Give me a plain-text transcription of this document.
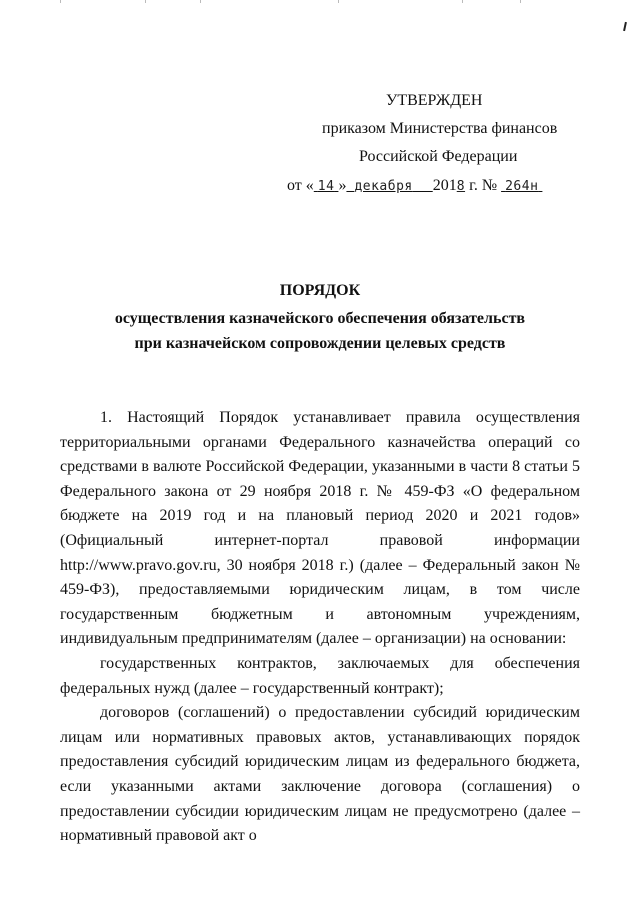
УТВЕРЖДЕН
приказом Министерства финансов
Российской Федерации
от « 14 » декабря 2018 г. № 264н
ПОРЯДОК
осуществления казначейского обеспечения обязательств
при казначейском сопровождении целевых средств

1. Настоящий Порядок устанавливает правила осуществления территориальными органами Федерального казначейства операций со средствами в валюте Российской Федерации, указанными в части 8 статьи 5 Федерального закона от 29 ноября 2018 г. № 459-ФЗ «О федеральном бюджете на 2019 год и на плановый период 2020 и 2021 годов» (Официальный интернет-портал правовой информации http://www.pravo.gov.ru, 30 ноября 2018 г.) (далее – Федеральный закон № 459-ФЗ), предоставляемыми юридическим лицам, в том числе государственным бюджетным и автономным учреждениям, индивидуальным предпринимателям (далее – организации) на основании:

государственных контрактов, заключаемых для обеспечения федеральных нужд (далее – государственный контракт);

договоров (соглашений) о предоставлении субсидий юридическим лицам или нормативных правовых актов, устанавливающих порядок предоставления субсидий юридическим лицам из федерального бюджета, если указанными актами заключение договора (соглашения) о предоставлении субсидии юридическим лицам не предусмотрено (далее – нормативный правовой акт о
